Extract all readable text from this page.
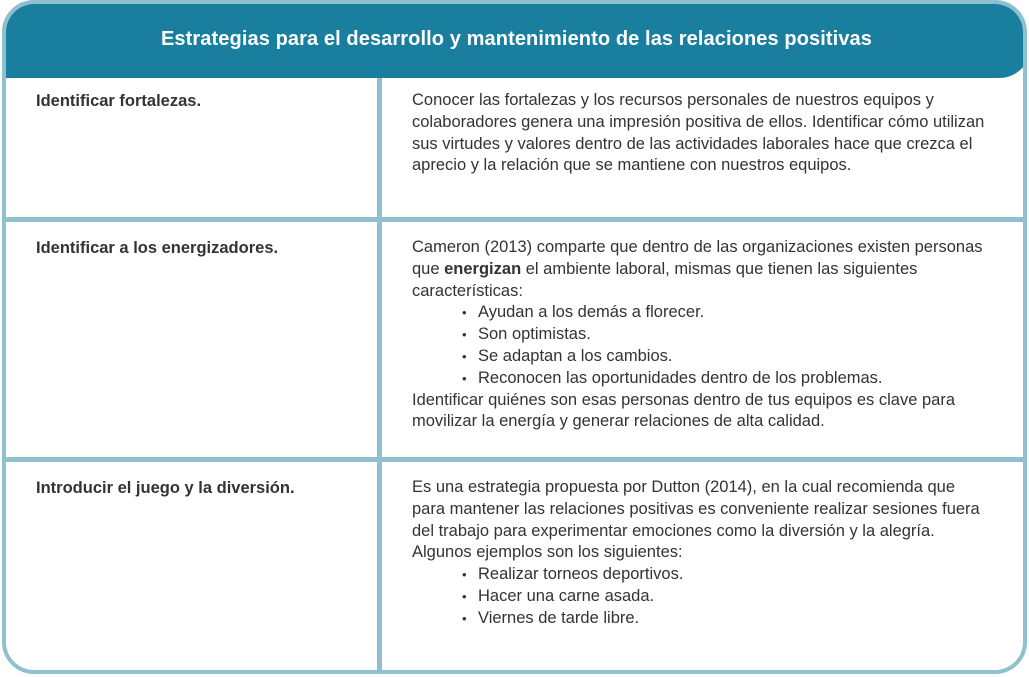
Estrategias para el desarrollo y mantenimiento de las relaciones positivas
Identificar fortalezas.	Conocer las fortalezas y los recursos personales de nuestros equipos y colaboradores genera una impresión positiva de ellos. Identificar cómo utilizan sus virtudes y valores dentro de las actividades laborales hace que crezca el aprecio y la relación que se mantiene con nuestros equipos.

Identificar a los energizadores.	Cameron (2013) comparte que dentro de las organizaciones existen personas que energizan el ambiente laboral, mismas que tienen las siguientes características:

• Ayudan a los demás a florecer.
• Son optimistas.
• Se adaptan a los cambios.
• Reconocen las oportunidades dentro de los problemas.

Identificar quiénes son esas personas dentro de tus equipos es clave para movilizar la energía y generar relaciones de alta calidad.

Introducir el juego y la diversión.	Es una estrategia propuesta por Dutton (2014), en la cual recomienda que para mantener las relaciones positivas es conveniente realizar sesiones fuera del trabajo para experimentar emociones como la diversión y la alegría.

Algunos ejemplos son los siguientes:

• Realizar torneos deportivos.
• Hacer una carne asada.
• Viernes de tarde libre.
